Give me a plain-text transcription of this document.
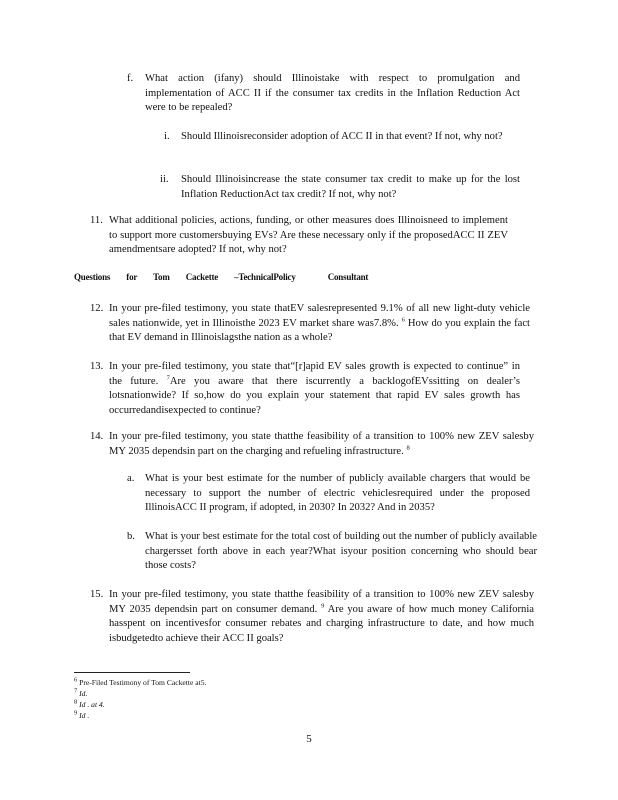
f.	What action (ifany) should Illinoistake with respect to promulgation and implementation of ACC II if the consumer tax credits in the Inflation Reduction Act were to be repealed?
i.	Should Illinoisreconsider adoption of ACC II in that event? If not, why not?
ii.	Should Illinoisincrease the state consumer tax credit to make up for the lost Inflation ReductionAct tax credit? If not, why not?
11. What additional policies, actions, funding, or other measures does Illinoisneed to implement to support more customersbuying EVs? Are these necessary only if the proposedACC II ZEV amendmentsare adopted? If not, why not?
Questions for Tom Cackette –TechnicalPolicy	Consultant
12. In your pre-filed testimony, you state thatEV salesrepresented 9.1% of all new light-duty vehicle sales nationwide, yet in Illinoisthe 2023 EV market share was7.8%. $^6$ How do you explain the fact that EV demand in Illinoislagsthe nation as a whole?
13. In your pre-filed testimony, you state that“[r]apid EV sales growth is expected to continue” in the future. $^7$Are you aware that there iscurrently a backlogofEVssitting on dealer’s lotsnationwide? If so,how do you explain your statement that rapid EV sales growth has occurredandisexpected to continue?
14. In your pre-filed testimony, you state thatthe feasibility of a transition to 100% new ZEV salesby MY 2035 dependsin part on the charging and refueling infrastructure. $^8$
a.	What is your best estimate for the number of publicly available chargers that would be necessary to support the number of electric vehiclesrequired under the proposed IllinoisACC II program, if adopted, in 2030? In 2032? And in 2035?
b. What is your best estimate for the total cost of building out the number of publicly available chargersset forth above in each year?What isyour position concerning who should bear those costs?
15. In your pre-filed testimony, you state thatthe feasibility of a transition to 100% new ZEV salesby MY 2035 dependsin part on consumer demand. $^9$ Are you aware of how much money California hasspent on incentivesfor consumer rebates and charging infrastructure to date, and how much isbudgetedto achieve their ACC II goals?
$^6$ Pre-Filed Testimony of Tom Cackette at5.
$^7$ Id.
$^8$ Id . at 4.
$^9$ Id .
5
